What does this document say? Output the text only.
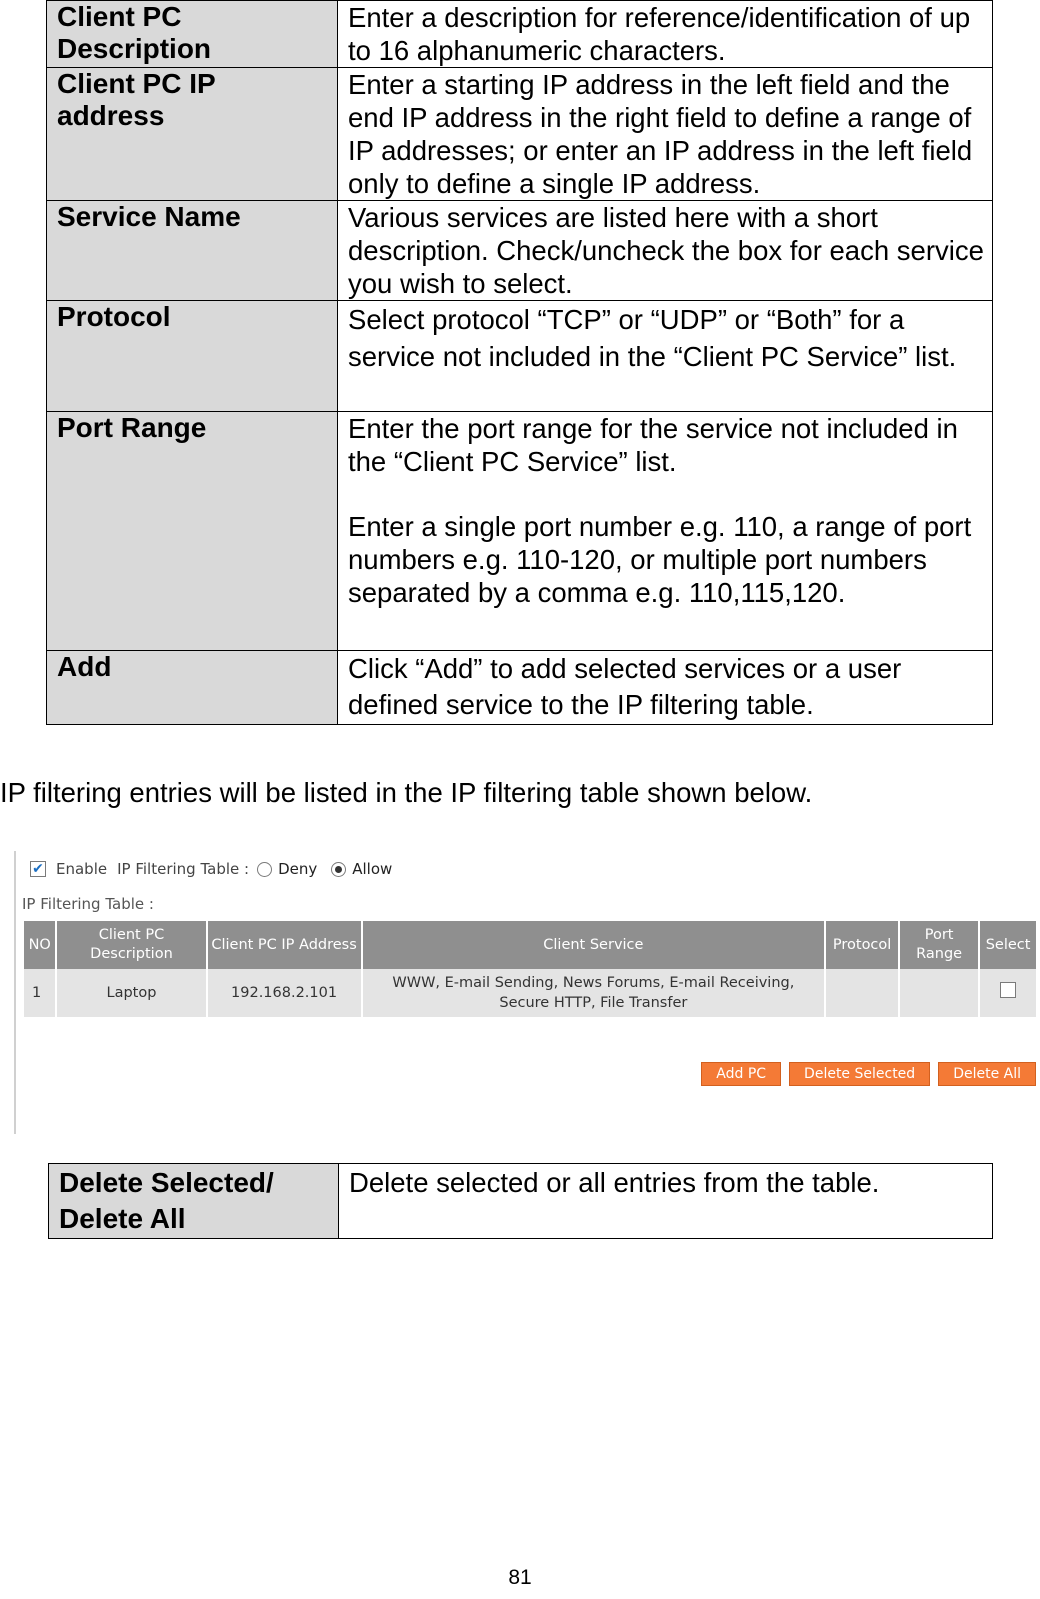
Client PC Description	Enter a description for reference/identification of up to 16 alphanumeric characters.

Client PC IP address	Enter a starting IP address in the left field and the end IP address in the right field to define a range of IP addresses; or enter an IP address in the left field only to define a single IP address.

Service Name	Various services are listed here with a short description. Check/uncheck the box for each service you wish to select.

Protocol	Select protocol “TCP” or “UDP” or “Both” for a service not included in the “Client PC Service” list.

Port Range	Enter the port range for the service not included in the “Client PC Service” list.

Enter a single port number e.g. 110, a range of port numbers e.g. 110-120, or multiple port numbers separated by a comma e.g. 110,115,120.

Add	Click “Add” to add selected services or a user defined service to the IP filtering table.

IP filtering entries will be listed in the IP filtering table shown below.
✔ Enable IP Filtering Table : Deny Allow
IP Filtering Table :
NO	Client PC Description	Client PC IP Address	Client Service	Protocol	Port Range	Select
1	Laptop	192.168.2.101	WWW, E-mail Sending, News Forums, E-mail Receiving, Secure HTTP, File Transfer			
Add PC	Delete Selected	Delete All
Delete Selected/ Delete All	Delete selected or all entries from the table.
81
